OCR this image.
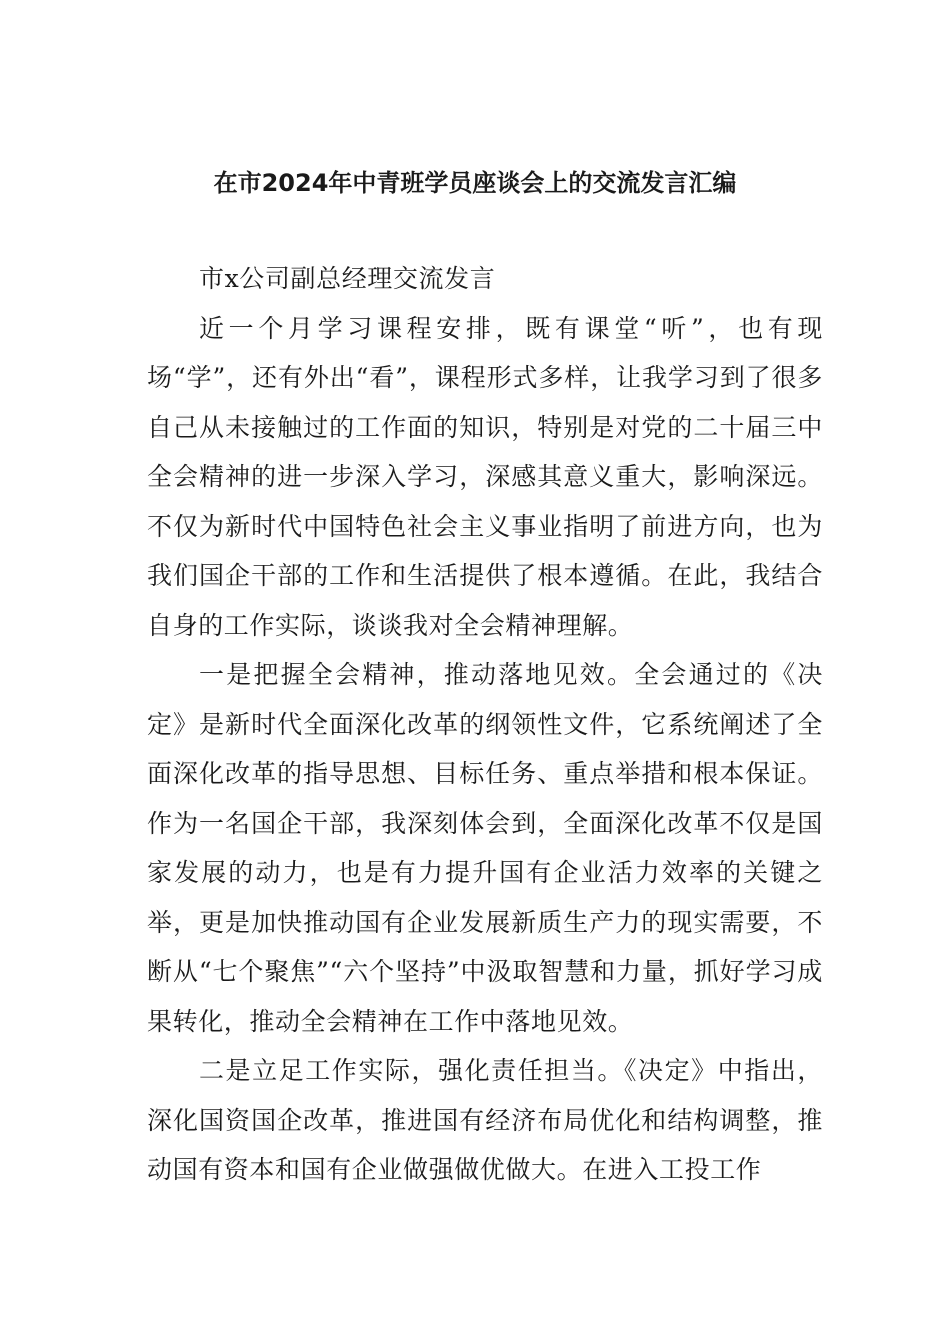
在市2024年中青班学员座谈会上的交流发言汇编

市x公司副总经理交流发言

近一个月学习课程安排，既有课堂“听”，也有现场“学”，还有外出“看”，课程形式多样，让我学习到了很多自己从未接触过的工作面的知识，特别是对党的二十届三中全会精神的进一步深入学习，深感其意义重大，影响深远。不仅为新时代中国特色社会主义事业指明了前进方向，也为我们国企干部的工作和生活提供了根本遵循。在此，我结合自身的工作实际，谈谈我对全会精神理解。

一是把握全会精神，推动落地见效。全会通过的《决定》是新时代全面深化改革的纲领性文件，它系统阐述了全面深化改革的指导思想、目标任务、重点举措和根本保证。作为一名国企干部，我深刻体会到，全面深化改革不仅是国家发展的动力，也是有力提升国有企业活力效率的关键之举，更是加快推动国有企业发展新质生产力的现实需要，不断从“七个聚焦”“六个坚持”中汲取智慧和力量，抓好学习成果转化，推动全会精神在工作中落地见效。

二是立足工作实际，强化责任担当。《决定》中指出，深化国资国企改革，推进国有经济布局优化和结构调整，推动国有资本和国有企业做强做优做大。在进入工投工作
